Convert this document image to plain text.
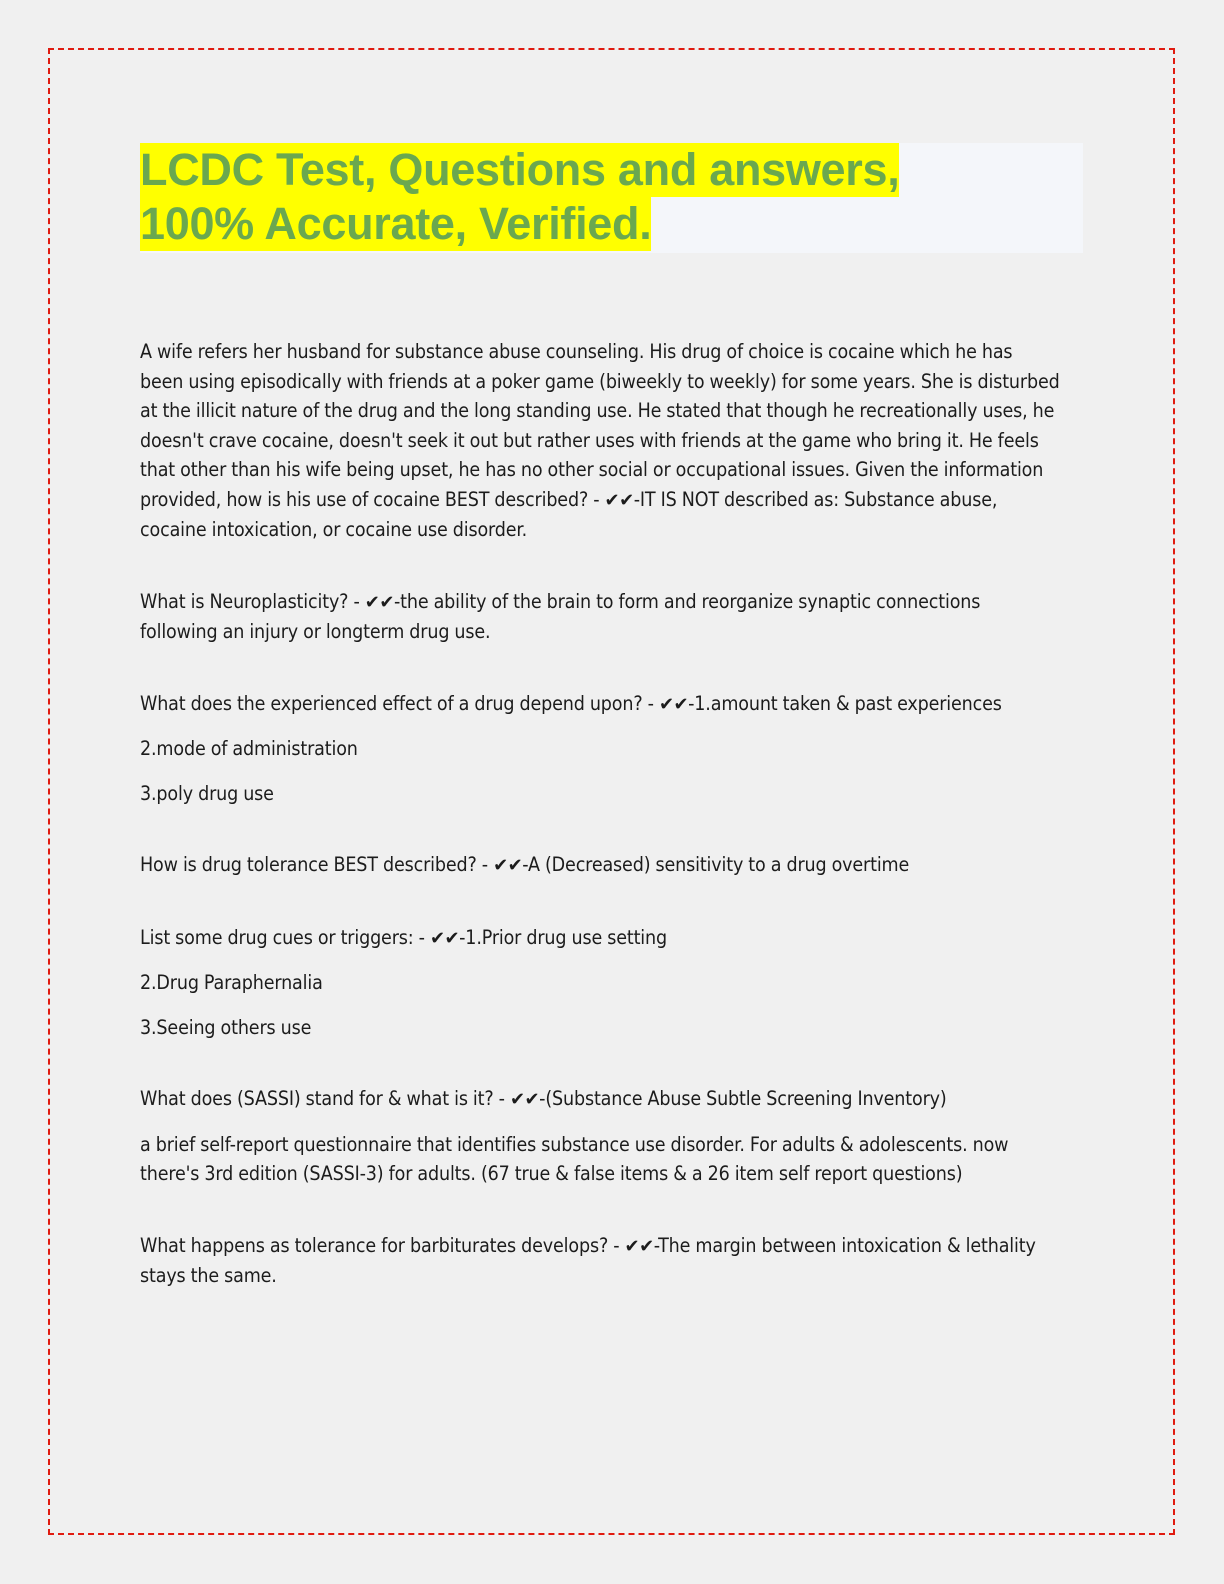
LCDC Test, Questions and answers,
100% Accurate, Verified.

A wife refers her husband for substance abuse counseling. His drug of choice is cocaine which he has been using episodically with friends at a poker game (biweekly to weekly) for some years. She is disturbed at the illicit nature of the drug and the long standing use. He stated that though he recreationally uses, he doesn't crave cocaine, doesn't seek it out but rather uses with friends at the game who bring it. He feels that other than his wife being upset, he has no other social or occupational issues. Given the information provided, how is his use of cocaine BEST described? - ✔✔-IT IS NOT described as: Substance abuse, cocaine intoxication, or cocaine use disorder.

What is Neuroplasticity? - ✔✔-the ability of the brain to form and reorganize synaptic connections following an injury or longterm drug use.

What does the experienced effect of a drug depend upon? - ✔✔-1.amount taken & past experiences

2.mode of administration

3.poly drug use

How is drug tolerance BEST described? - ✔✔-A (Decreased) sensitivity to a drug overtime

List some drug cues or triggers: - ✔✔-1.Prior drug use setting

2.Drug Paraphernalia

3.Seeing others use

What does (SASSI) stand for & what is it? - ✔✔-(Substance Abuse Subtle Screening Inventory)

a brief self-report questionnaire that identifies substance use disorder. For adults & adolescents. now there's 3rd edition (SASSI-3) for adults. (67 true & false items & a 26 item self report questions)

What happens as tolerance for barbiturates develops? - ✔✔-The margin between intoxication & lethality stays the same.
